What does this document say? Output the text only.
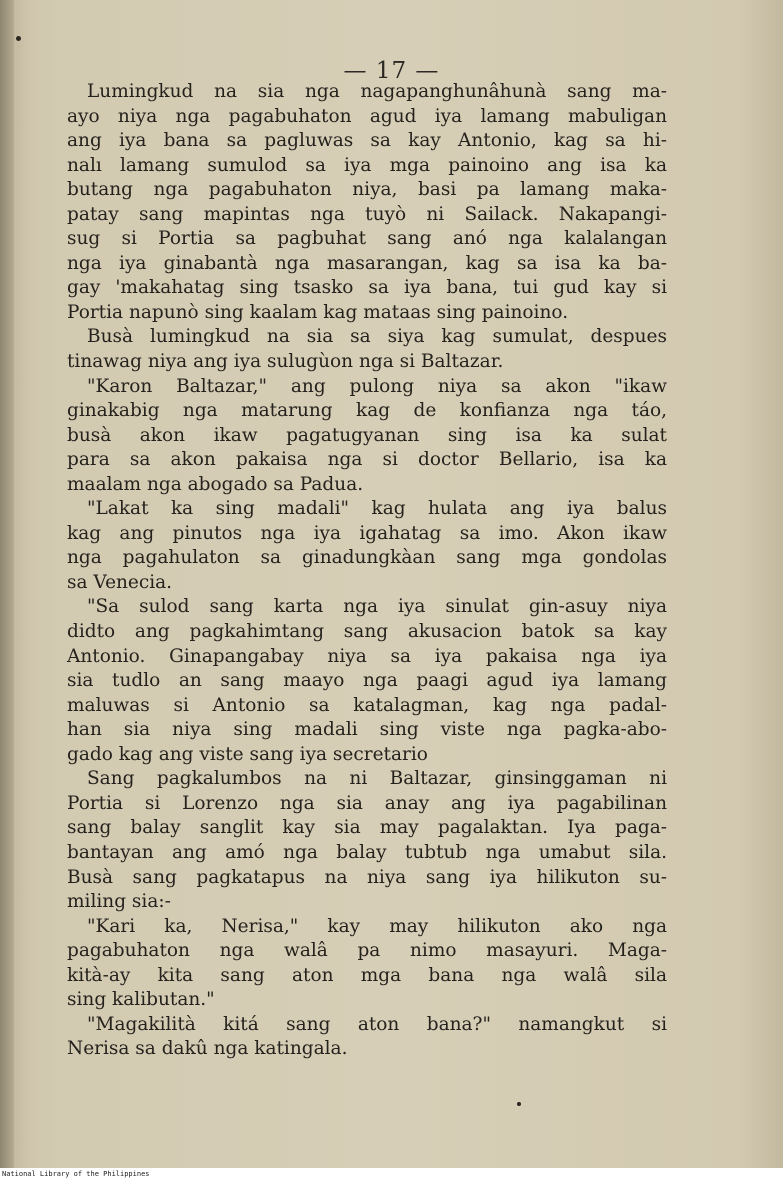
— 17 —
Lumingkud na sia nga nagapanghunâhunà sang ma-
ayo niya nga pagabuhaton agud iya lamang mabuligan
ang iya bana sa pagluwas sa kay Antonio, kag sa hi-
nalı lamang sumulod sa iya mga painoino ang isa ka
butang nga pagabuhaton niya, basi pa lamang maka-
patay sang mapintas nga tuyò ni Sailack. Nakapangi-
sug si Portia sa pagbuhat sang anó nga kalalangan
nga iya ginabantà nga masarangan, kag sa isa ka ba-
gay 'makahatag sing tsasko sa iya bana, tui gud kay si
Portia napunò sing kaalam kag mataas sing painoino.
Busà lumingkud na sia sa siya kag sumulat, despues
tinawag niya ang iya sulugùon nga si Baltazar.
"Karon Baltazar," ang pulong niya sa akon "ikaw
ginakabig nga matarung kag de konfianza nga táo,
busà akon ikaw pagatugyanan sing isa ka sulat
para sa akon pakaisa nga si doctor Bellario, isa ka
maalam nga abogado sa Padua.
"Lakat ka sing madali" kag hulata ang iya balus
kag ang pinutos nga iya igahatag sa imo. Akon ikaw
nga pagahulaton sa ginadungkàan sang mga gondolas
sa Venecia.
"Sa sulod sang karta nga iya sinulat gin-asuy niya
didto ang pagkahimtang sang akusacion batok sa kay
Antonio. Ginapangabay niya sa iya pakaisa nga iya
sia tudlo an sang maayo nga paagi agud iya lamang
maluwas si Antonio sa katalagman, kag nga padal-
han sia niya sing madali sing viste nga pagka-abo-
gado kag ang viste sang iya secretario
Sang pagkalumbos na ni Baltazar, ginsinggaman ni
Portia si Lorenzo nga sia anay ang iya pagabilinan
sang balay sanglit kay sia may pagalaktan. Iya paga-
bantayan ang amó nga balay tubtub nga umabut sila.
Busà sang pagkatapus na niya sang iya hilikuton su-
miling sia:-
"Kari ka, Nerisa," kay may hilikuton ako nga
pagabuhaton nga walâ pa nimo masayuri. Maga-
kità-ay kita sang aton mga bana nga walâ sila
sing kalibutan."
"Magakilità kitá sang aton bana?" namangkut si
Nerisa sa dakû nga katingala.
National Library of the Philippines
